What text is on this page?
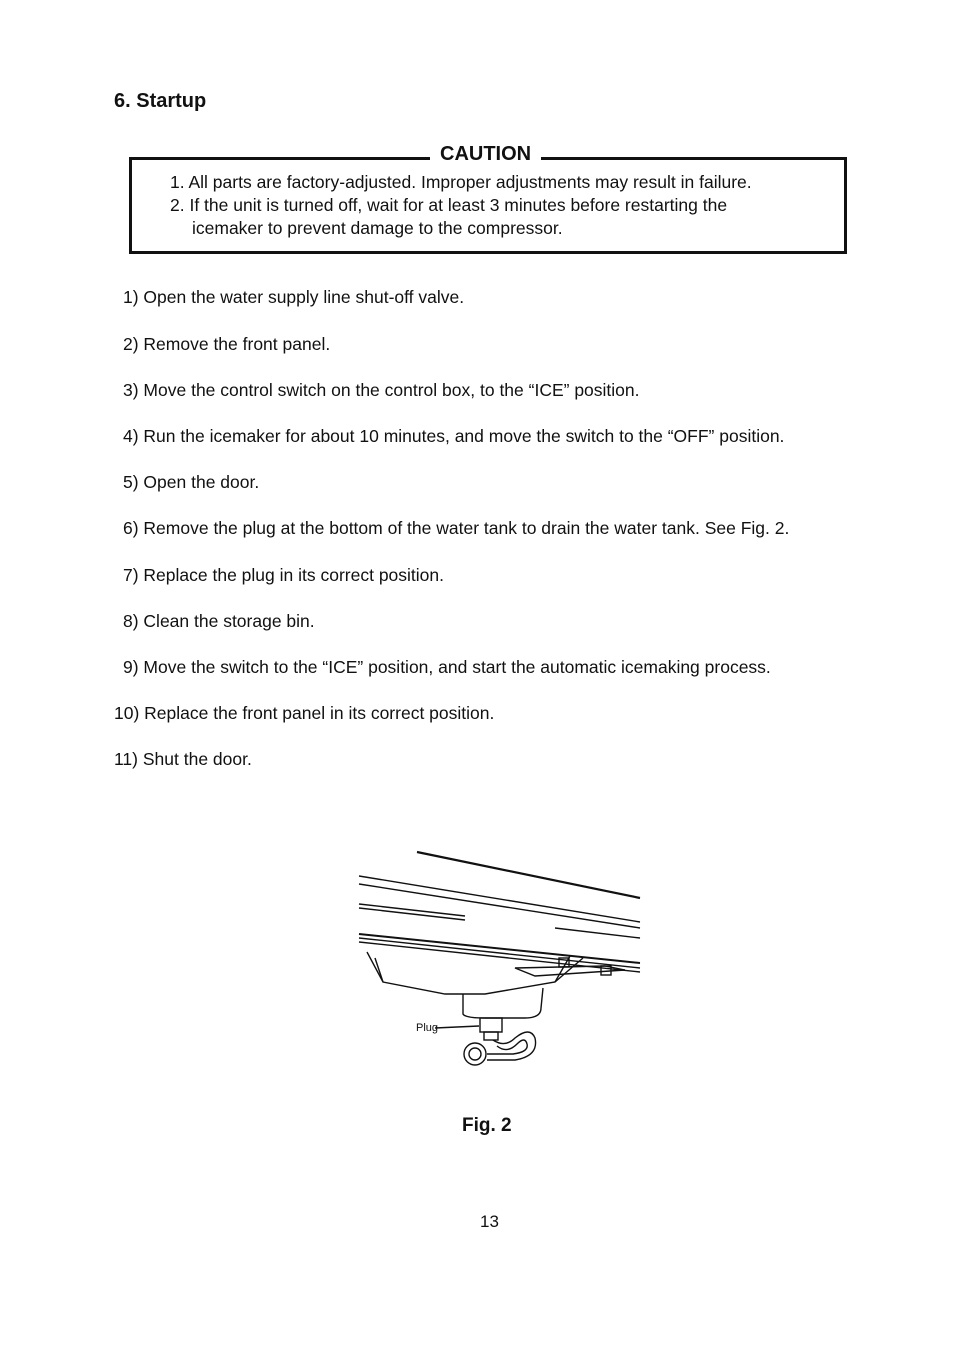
6. Startup
CAUTION
1. All parts are factory-adjusted. Improper adjustments may result in failure.
2. If the unit is turned off, wait for at least 3 minutes before restarting the
icemaker to prevent damage to the compressor.
1) Open the water supply line shut-off valve.
2) Remove the front panel.
3) Move the control switch on the control box, to the “ICE” position.
4) Run the icemaker for about 10 minutes, and move the switch to the “OFF” position.
5) Open the door.
6) Remove the plug at the bottom of the water tank to drain the water tank. See Fig. 2.
7) Replace the plug in its correct position.
8) Clean the storage bin.
9) Move the switch to the “ICE” position, and start the automatic icemaking process.
10) Replace the front panel in its correct position.
11) Shut the door.
Plug
Fig. 2
13
